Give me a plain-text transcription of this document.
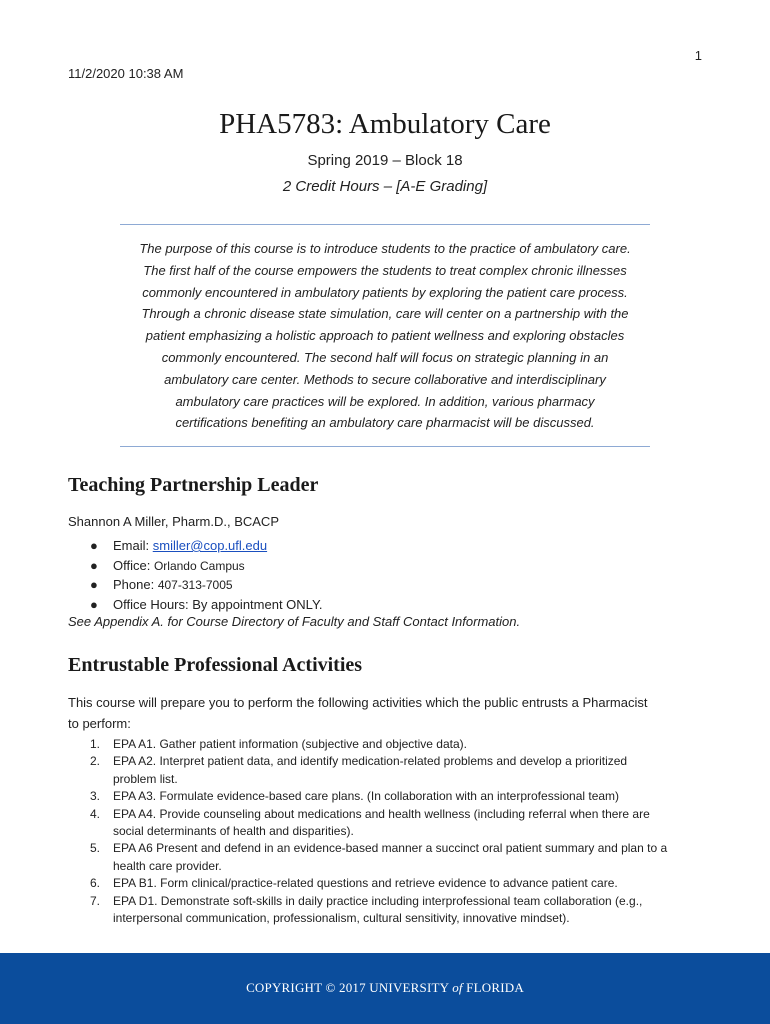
1
11/2/2020 10:38 AM
PHA5783: Ambulatory Care
Spring 2019 – Block 18
2 Credit Hours – [A-E Grading]
The purpose of this course is to introduce students to the practice of ambulatory care.
The first half of the course empowers the students to treat complex chronic illnesses
commonly encountered in ambulatory patients by exploring the patient care process.
Through a chronic disease state simulation, care will center on a partnership with the
patient emphasizing a holistic approach to patient wellness and exploring obstacles
commonly encountered. The second half will focus on strategic planning in an
ambulatory care center. Methods to secure collaborative and interdisciplinary
ambulatory care practices will be explored. In addition, various pharmacy
certifications benefiting an ambulatory care pharmacist will be discussed.
Teaching Partnership Leader
Shannon A Miller, Pharm.D., BCACP
● Email: smiller@cop.ufl.edu
● Office: Orlando Campus
● Phone: 407-313-7005
● Office Hours: By appointment ONLY.
See Appendix A. for Course Directory of Faculty and Staff Contact Information.
Entrustable Professional Activities
This course will prepare you to perform the following activities which the public entrusts a Pharmacist
to perform:
1. EPA A1. Gather patient information (subjective and objective data).
2. EPA A2. Interpret patient data, and identify medication-related problems and develop a prioritized
problem list.
3. EPA A3. Formulate evidence-based care plans. (In collaboration with an interprofessional team)
4. EPA A4. Provide counseling about medications and health wellness (including referral when there are
social determinants of health and disparities).
5. EPA A6 Present and defend in an evidence-based manner a succinct oral patient summary and plan to a
health care provider.
6. EPA B1. Form clinical/practice-related questions and retrieve evidence to advance patient care.
7. EPA D1. Demonstrate soft-skills in daily practice including interprofessional team collaboration (e.g.,
interpersonal communication, professionalism, cultural sensitivity, innovative mindset).
COPYRIGHT © 2017 UNIVERSITY of FLORIDA
